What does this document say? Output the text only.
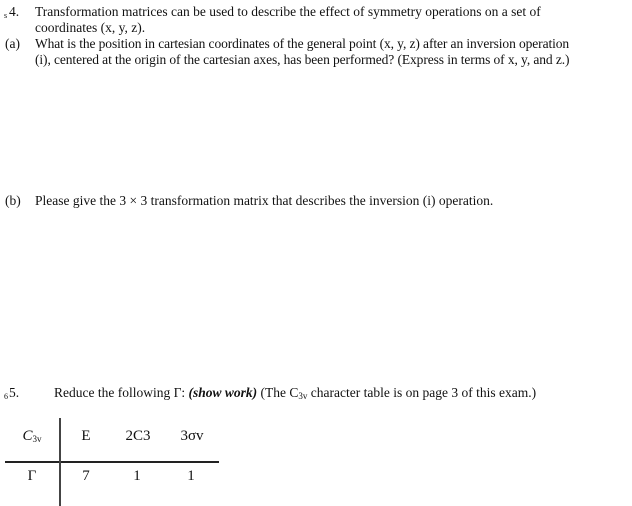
s 4. Transformation matrices can be used to describe the effect of symmetry operations on a set of
coordinates (x, y, z).
(a) What is the position in cartesian coordinates of the general point (x, y, z) after an inversion operation
(i), centered at the origin of the cartesian axes, has been performed? (Express in terms of x, y, and z.)
(b) Please give the 3 × 3 transformation matrix that describes the inversion (i) operation.
6 5.	Reduce the following Γ: (show work) (The $C_{3v}$ character table is on page 3 of this exam.)
$C_{3v}$	E	2C3	3σv
Γ	7	1	1
